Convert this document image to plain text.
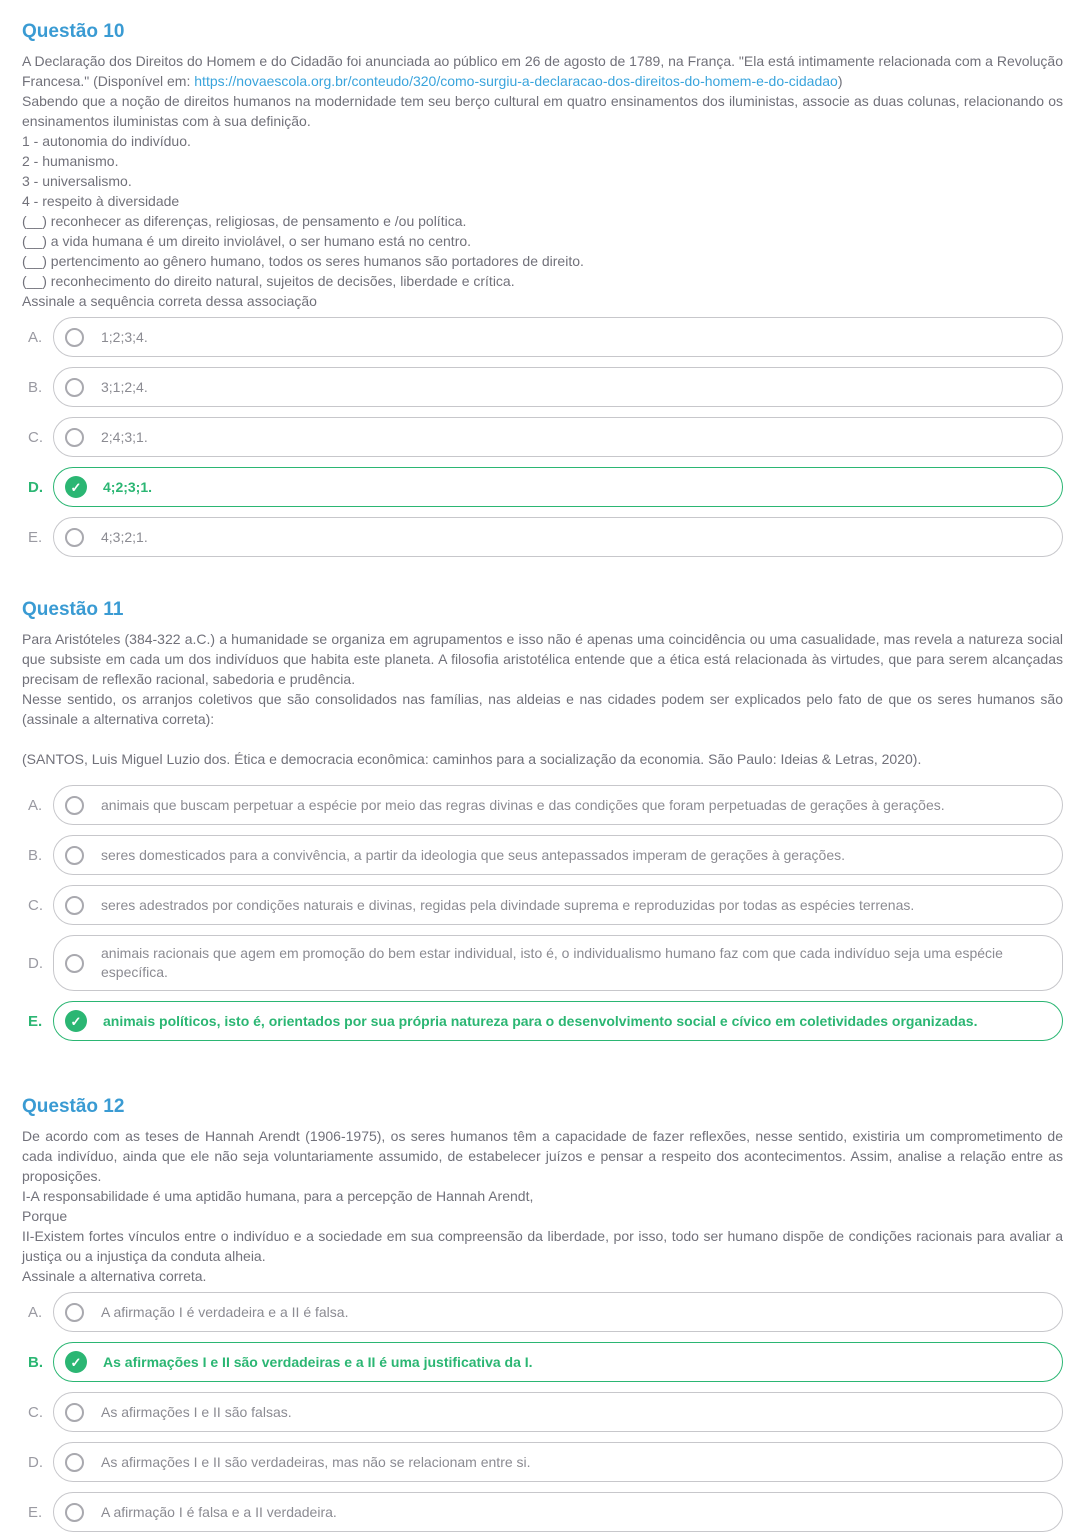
Questão 10

A Declaração dos Direitos do Homem e do Cidadão foi anunciada ao público em 26 de agosto de 1789, na França. "Ela está intimamente relacionada com a Revolução Francesa." (Disponível em: https://novaescola.org.br/conteudo/320/como-surgiu-a-declaracao-dos-direitos-do-homem-e-do-cidadao)

Sabendo que a noção de direitos humanos na modernidade tem seu berço cultural em quatro ensinamentos dos iluministas, associe as duas colunas, relacionando os ensinamentos iluministas com à sua definição.

1 - autonomia do indivíduo.
2 - humanismo.
3 - universalismo.
4 - respeito à diversidade
(__) reconhecer as diferenças, religiosas, de pensamento e /ou política.
(__) a vida humana é um direito inviolável, o ser humano está no centro.
(__) pertencimento ao gênero humano, todos os seres humanos são portadores de direito.
(__) reconhecimento do direito natural, sujeitos de decisões, liberdade e crítica.
Assinale a sequência correta dessa associação
A.	1;2;3;4.
B.	3;1;2;4.
C.	2;4;3;1.
D.	✓	4;2;3;1.
E.	4;3;2;1.
Questão 11

Para Aristóteles (384-322 a.C.) a humanidade se organiza em agrupamentos e isso não é apenas uma coincidência ou uma casualidade, mas revela a natureza social que subsiste em cada um dos indivíduos que habita este planeta. A filosofia aristotélica entende que a ética está relacionada às virtudes, que para serem alcançadas precisam de reflexão racional, sabedoria e prudência.

Nesse sentido, os arranjos coletivos que são consolidados nas famílias, nas aldeias e nas cidades podem ser explicados pelo fato de que os seres humanos são (assinale a alternativa correta):

(SANTOS, Luis Miguel Luzio dos. Ética e democracia econômica: caminhos para a socialização da economia. São Paulo: Ideias & Letras, 2020).

A.	animais que buscam perpetuar a espécie por meio das regras divinas e das condições que foram perpetuadas de gerações à gerações.
B.	seres domesticados para a convivência, a partir da ideologia que seus antepassados imperam de gerações à gerações.
C.	seres adestrados por condições naturais e divinas, regidas pela divindade suprema e reproduzidas por todas as espécies terrenas.
D.
animais racionais que agem em promoção do bem estar individual, isto é, o individualismo humano faz com que cada indivíduo seja uma espécie específica.
E.	✓	animais políticos, isto é, orientados por sua própria natureza para o desenvolvimento social e cívico em coletividades organizadas.
Questão 12

De acordo com as teses de Hannah Arendt (1906-1975), os seres humanos têm a capacidade de fazer reflexões, nesse sentido, existiria um comprometimento de cada indivíduo, ainda que ele não seja voluntariamente assumido, de estabelecer juízos e pensar a respeito dos acontecimentos. Assim, analise a relação entre as proposições.

I-A responsabilidade é uma aptidão humana, para a percepção de Hannah Arendt,
Porque

II-Existem fortes vínculos entre o indivíduo e a sociedade em sua compreensão da liberdade, por isso, todo ser humano dispõe de condições racionais para avaliar a justiça ou a injustiça da conduta alheia.

Assinale a alternativa correta.
A.	A afirmação I é verdadeira e a II é falsa.
B.	✓	As afirmações I e II são verdadeiras e a II é uma justificativa da I.
C.	As afirmações I e II são falsas.
D.	As afirmações I e II são verdadeiras, mas não se relacionam entre si.
E.	A afirmação I é falsa e a II verdadeira.
